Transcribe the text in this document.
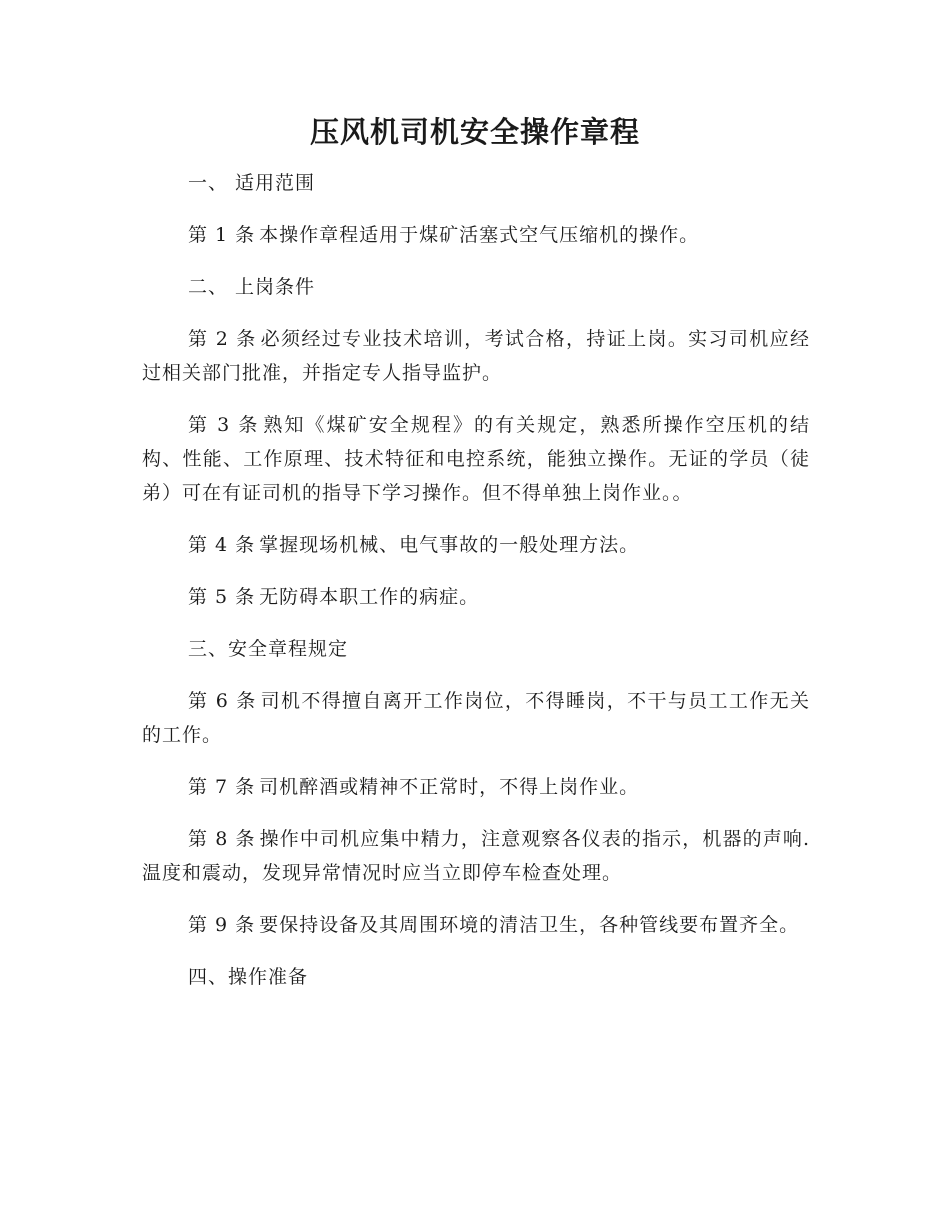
压风机司机安全操作章程

一、 适用范围

第 1 条 本操作章程适用于煤矿活塞式空气压缩机的操作。

二、 上岗条件

第 2 条 必须经过专业技术培训，考试合格，持证上岗。实习司机应经过相关部门批准，并指定专人指导监护。

第 3 条 熟知《煤矿安全规程》的有关规定，熟悉所操作空压机的结构、性能、工作原理、技术特征和电控系统，能独立操作。无证的学员（徒弟）可在有证司机的指导下学习操作。但不得单独上岗作业。。

第 4 条 掌握现场机械、电气事故的一般处理方法。

第 5 条 无防碍本职工作的病症。

三、安全章程规定

第 6 条 司机不得擅自离开工作岗位，不得睡岗，不干与员工工作无关的工作。

第 7 条 司机醉酒或精神不正常时，不得上岗作业。

第 8 条 操作中司机应集中精力，注意观察各仪表的指示，机器的声响.温度和震动，发现异常情况时应当立即停车检查处理。

第 9 条 要保持设备及其周围环境的清洁卫生，各种管线要布置齐全。

四、操作准备
